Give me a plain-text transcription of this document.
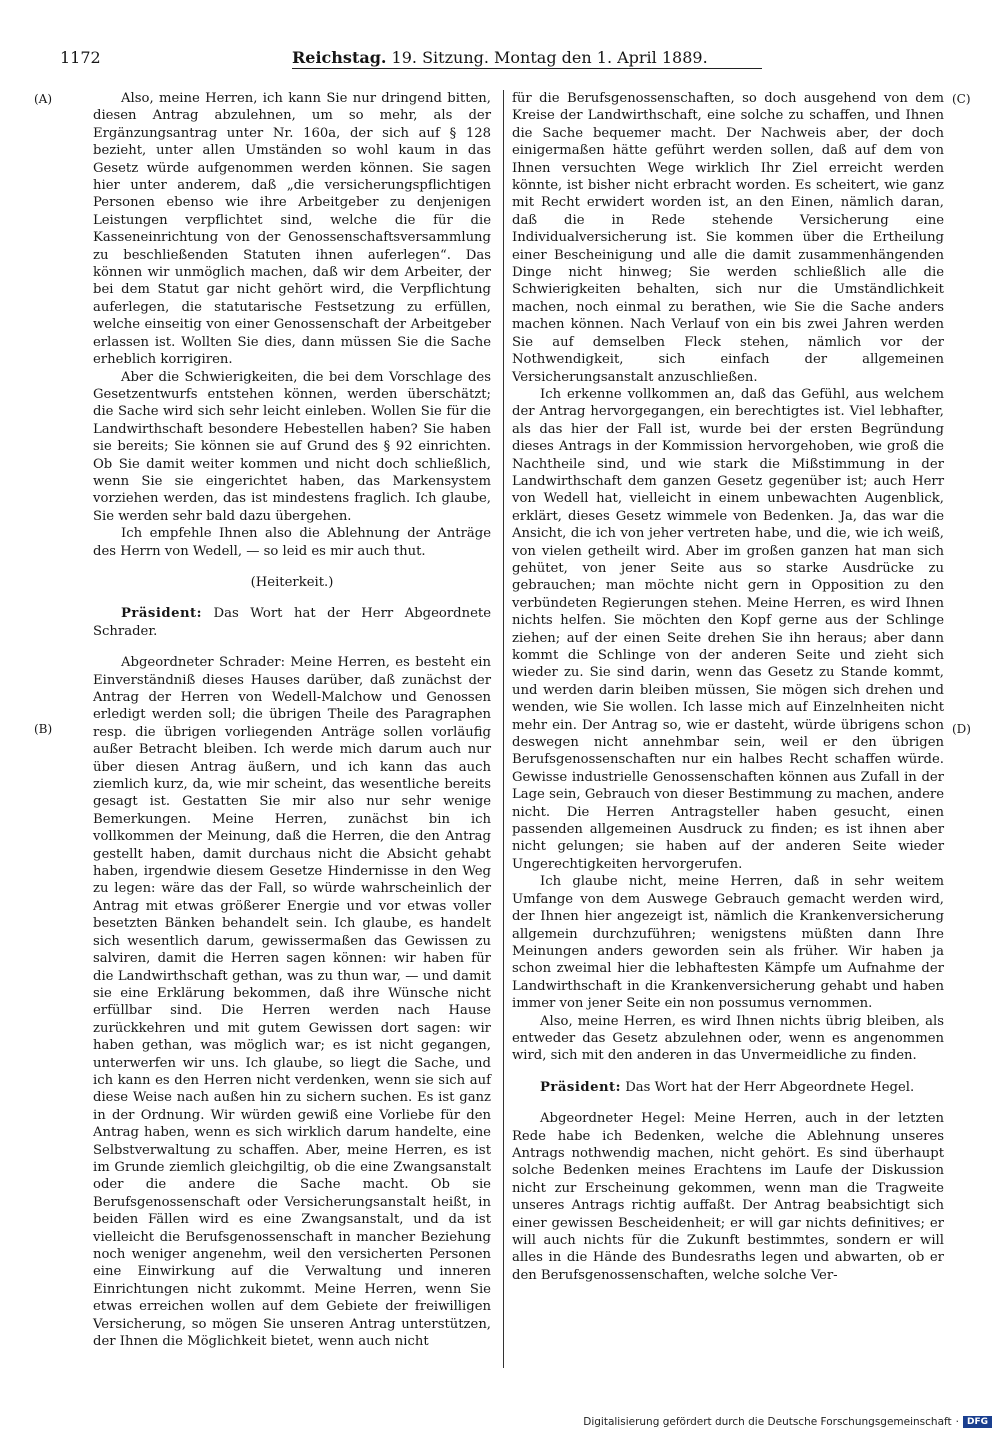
1172	Reichstag. 19. Sitzung. Montag den 1. April 1889.
(A)
(B)
(C)
(D)

Also, meine Herren, ich kann Sie nur dringend bitten, diesen Antrag abzulehnen, um so mehr, als der Ergänzungsantrag unter Nr. 160a, der sich auf § 128 bezieht, unter allen Umständen so wohl kaum in das Gesetz würde aufgenommen werden können. Sie sagen hier unter anderem, daß „die versicherungspflichtigen Personen ebenso wie ihre Arbeitgeber zu denjenigen Leistungen verpflichtet sind, welche die für die Kasseneinrichtung von der Genossenschaftsversammlung zu beschließenden Statuten ihnen auferlegen“. Das können wir unmöglich machen, daß wir dem Arbeiter, der bei dem Statut gar nicht gehört wird, die Verpflichtung auferlegen, die statutarische Festsetzung zu erfüllen, welche einseitig von einer Genossenschaft der Arbeitgeber erlassen ist. Wollten Sie dies, dann müssen Sie die Sache erheblich korrigiren.

Aber die Schwierigkeiten, die bei dem Vorschlage des Gesetzentwurfs entstehen können, werden überschätzt; die Sache wird sich sehr leicht einleben. Wollen Sie für die Landwirthschaft besondere Hebestellen haben? Sie haben sie bereits; Sie können sie auf Grund des § 92 einrichten. Ob Sie damit weiter kommen und nicht doch schließlich, wenn Sie sie eingerichtet haben, das Markensystem vorziehen werden, das ist mindestens fraglich. Ich glaube, Sie werden sehr bald dazu übergehen.

Ich empfehle Ihnen also die Ablehnung der Anträge des Herrn von Wedell, — so leid es mir auch thut.

(Heiterkeit.)

Präsident: Das Wort hat der Herr Abgeordnete Schrader.

Abgeordneter Schrader: Meine Herren, es besteht ein Einverständniß dieses Hauses darüber, daß zunächst der Antrag der Herren von Wedell-Malchow und Genossen erledigt werden soll; die übrigen Theile des Paragraphen resp. die übrigen vorliegenden Anträge sollen vorläufig außer Betracht bleiben. Ich werde mich darum auch nur über diesen Antrag äußern, und ich kann das auch ziemlich kurz, da, wie mir scheint, das wesentliche bereits gesagt ist. Gestatten Sie mir also nur sehr wenige Bemerkungen. Meine Herren, zunächst bin ich vollkommen der Meinung, daß die Herren, die den Antrag gestellt haben, damit durchaus nicht die Absicht gehabt haben, irgendwie diesem Gesetze Hindernisse in den Weg zu legen: wäre das der Fall, so würde wahrscheinlich der Antrag mit etwas größerer Energie und vor etwas voller besetzten Bänken behandelt sein. Ich glaube, es handelt sich wesentlich darum, gewissermaßen das Gewissen zu salviren, damit die Herren sagen können: wir haben für die Landwirthschaft gethan, was zu thun war, — und damit sie eine Erklärung bekommen, daß ihre Wünsche nicht erfüllbar sind. Die Herren werden nach Hause zurückkehren und mit gutem Gewissen dort sagen: wir haben gethan, was möglich war; es ist nicht gegangen, unterwerfen wir uns. Ich glaube, so liegt die Sache, und ich kann es den Herren nicht verdenken, wenn sie sich auf diese Weise nach außen hin zu sichern suchen. Es ist ganz in der Ordnung. Wir würden gewiß eine Vorliebe für den Antrag haben, wenn es sich wirklich darum handelte, eine Selbstverwaltung zu schaffen. Aber, meine Herren, es ist im Grunde ziemlich gleichgiltig, ob die eine Zwangsanstalt oder die andere die Sache macht. Ob sie Berufsgenossenschaft oder Versicherungsanstalt heißt, in beiden Fällen wird es eine Zwangsanstalt, und da ist vielleicht die Berufsgenossenschaft in mancher Beziehung noch weniger angenehm, weil den versicherten Personen eine Einwirkung auf die Verwaltung und inneren Einrichtungen nicht zukommt. Meine Herren, wenn Sie etwas erreichen wollen auf dem Gebiete der freiwilligen Versicherung, so mögen Sie unseren Antrag unterstützen, der Ihnen die Möglichkeit bietet, wenn auch nicht

für die Berufsgenossenschaften, so doch ausgehend von dem Kreise der Landwirthschaft, eine solche zu schaffen, und Ihnen die Sache bequemer macht. Der Nachweis aber, der doch einigermaßen hätte geführt werden sollen, daß auf dem von Ihnen versuchten Wege wirklich Ihr Ziel erreicht werden könnte, ist bisher nicht erbracht worden. Es scheitert, wie ganz mit Recht erwidert worden ist, an den Einen, nämlich daran, daß die in Rede stehende Versicherung eine Individualversicherung ist. Sie kommen über die Ertheilung einer Bescheinigung und alle die damit zusammenhängenden Dinge nicht hinweg; Sie werden schließlich alle die Schwierigkeiten behalten, sich nur die Umständlichkeit machen, noch einmal zu berathen, wie Sie die Sache anders machen können. Nach Verlauf von ein bis zwei Jahren werden Sie auf demselben Fleck stehen, nämlich vor der Nothwendigkeit, sich einfach der allgemeinen Versicherungsanstalt anzuschließen.

Ich erkenne vollkommen an, daß das Gefühl, aus welchem der Antrag hervorgegangen, ein berechtigtes ist. Viel lebhafter, als das hier der Fall ist, wurde bei der ersten Begründung dieses Antrags in der Kommission hervorgehoben, wie groß die Nachtheile sind, und wie stark die Mißstimmung in der Landwirthschaft dem ganzen Gesetz gegenüber ist; auch Herr von Wedell hat, vielleicht in einem unbewachten Augenblick, erklärt, dieses Gesetz wimmele von Bedenken. Ja, das war die Ansicht, die ich von jeher vertreten habe, und die, wie ich weiß, von vielen getheilt wird. Aber im großen ganzen hat man sich gehütet, von jener Seite aus so starke Ausdrücke zu gebrauchen; man möchte nicht gern in Opposition zu den verbündeten Regierungen stehen. Meine Herren, es wird Ihnen nichts helfen. Sie möchten den Kopf gerne aus der Schlinge ziehen; auf der einen Seite drehen Sie ihn heraus; aber dann kommt die Schlinge von der anderen Seite und zieht sich wieder zu. Sie sind darin, wenn das Gesetz zu Stande kommt, und werden darin bleiben müssen, Sie mögen sich drehen und wenden, wie Sie wollen. Ich lasse mich auf Einzelnheiten nicht mehr ein. Der Antrag so, wie er dasteht, würde übrigens schon deswegen nicht annehmbar sein, weil er den übrigen Berufsgenossenschaften nur ein halbes Recht schaffen würde. Gewisse industrielle Genossenschaften können aus Zufall in der Lage sein, Gebrauch von dieser Bestimmung zu machen, andere nicht. Die Herren Antragsteller haben gesucht, einen passenden allgemeinen Ausdruck zu finden; es ist ihnen aber nicht gelungen; sie haben auf der anderen Seite wieder Ungerechtigkeiten hervorgerufen.

Ich glaube nicht, meine Herren, daß in sehr weitem Umfange von dem Auswege Gebrauch gemacht werden wird, der Ihnen hier angezeigt ist, nämlich die Krankenversicherung allgemein durchzuführen; wenigstens müßten dann Ihre Meinungen anders geworden sein als früher. Wir haben ja schon zweimal hier die lebhaftesten Kämpfe um Aufnahme der Landwirthschaft in die Krankenversicherung gehabt und haben immer von jener Seite ein non possumus vernommen.

Also, meine Herren, es wird Ihnen nichts übrig bleiben, als entweder das Gesetz abzulehnen oder, wenn es angenommen wird, sich mit den anderen in das Unvermeidliche zu finden.

Präsident: Das Wort hat der Herr Abgeordnete Hegel.

Abgeordneter Hegel: Meine Herren, auch in der letzten Rede habe ich Bedenken, welche die Ablehnung unseres Antrags nothwendig machen, nicht gehört. Es sind überhaupt solche Bedenken meines Erachtens im Laufe der Diskussion nicht zur Erscheinung gekommen, wenn man die Tragweite unseres Antrags richtig auffaßt. Der Antrag beabsichtigt sich einer gewissen Bescheidenheit; er will gar nichts definitives; er will auch nichts für die Zukunft bestimmtes, sondern er will alles in die Hände des Bundesraths legen und abwarten, ob er den Berufsgenossenschaften, welche solche Ver-

Digitalisierung gefördert durch die Deutsche Forschungsgemeinschaft · DFG
